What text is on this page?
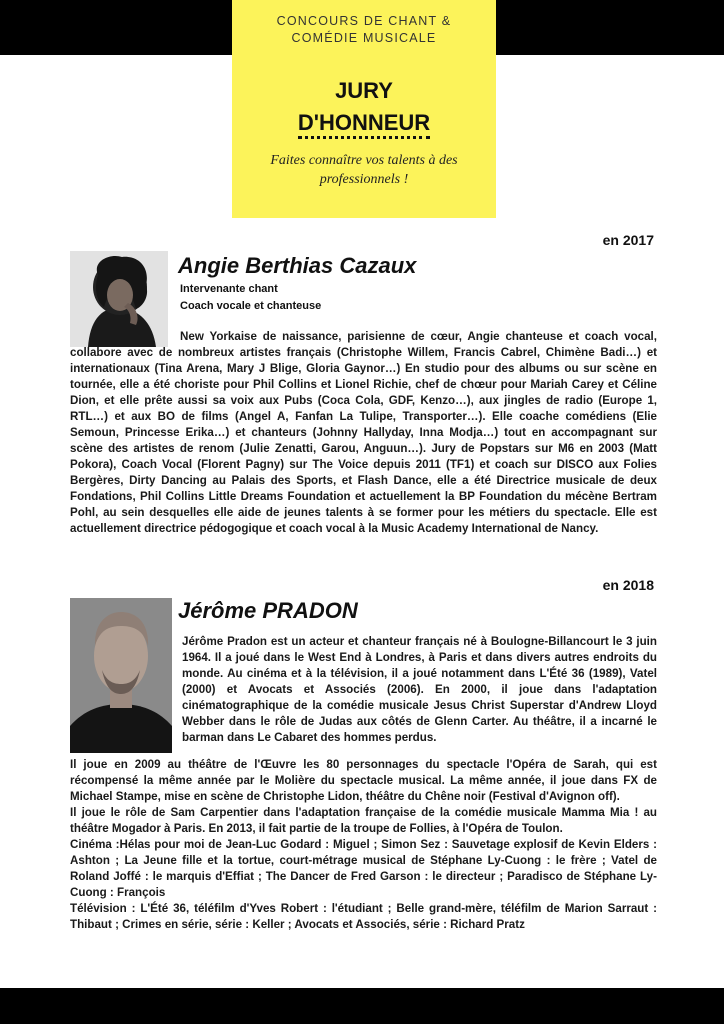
CONCOURS DE CHANT &
COMÉDIE MUSICALE
JURY
D'HONNEUR
Faites connaître vos talents à des
professionnels !
en 2017
Angie Berthias Cazaux
Intervenante chant
Coach vocale et chanteuse
New Yorkaise de naissance, parisienne de cœur, Angie chanteuse et coach vocal, collabore avec de nombreux artistes français (Christophe Willem, Francis Cabrel, Chimène Badi…) et internationaux (Tina Arena, Mary J Blige, Gloria Gaynor…) En studio pour des albums ou sur scène en tournée, elle a été choriste pour Phil Collins et Lionel Richie, chef de chœur pour Mariah Carey et Céline Dion, et elle prête aussi sa voix aux Pubs (Coca Cola, GDF, Kenzo…), aux jingles de radio (Europe 1, RTL…) et aux BO de films (Angel A, Fanfan La Tulipe, Transporter…). Elle coache comédiens (Elie Semoun, Princesse Erika…) et chanteurs (Johnny Hallyday, Inna Modja…) tout en accompagnant sur scène des artistes de renom (Julie Zenatti, Garou, Anguun…). Jury de Popstars sur M6 en 2003 (Matt Pokora), Coach Vocal (Florent Pagny) sur The Voice depuis 2011 (TF1) et coach sur DISCO aux Folies Bergères, Dirty Dancing au Palais des Sports, et Flash Dance, elle a été Directrice musicale de deux Fondations, Phil Collins Little Dreams Foundation et actuellement la BP Foundation du mécène Bertram Pohl, au sein desquelles elle aide de jeunes talents à se former pour les métiers du spectacle. Elle est actuellement directrice pédogogique et coach vocal à la Music Academy International de Nancy.
en 2018
Jérôme PRADON
Jérôme Pradon est un acteur et chanteur français né à Boulogne-Billancourt le 3 juin 1964. Il a joué dans le West End à Londres, à Paris et dans divers autres endroits du monde. Au cinéma et à la télévision, il a joué notamment dans L'Été 36 (1989), Vatel (2000) et Avocats et Associés (2006). En 2000, il joue dans l'adaptation cinématographique de la comédie musicale Jesus Christ Superstar d'Andrew Lloyd Webber dans le rôle de Judas aux côtés de Glenn Carter. Au théâtre, il a incarné le barman dans Le Cabaret des hommes perdus.

Il joue en 2009 au théâtre de l'Œuvre les 80 personnages du spectacle l'Opéra de Sarah, qui est récompensé la même année par le Molière du spectacle musical. La même année, il joue dans FX de Michael Stampe, mise en scène de Christophe Lidon, théâtre du Chêne noir (Festival d'Avignon off).

Il joue le rôle de Sam Carpentier dans l'adaptation française de la comédie musicale Mamma Mia ! au théâtre Mogador à Paris. En 2013, il fait partie de la troupe de Follies, à l'Opéra de Toulon.

Cinéma :Hélas pour moi de Jean-Luc Godard : Miguel ; Simon Sez : Sauvetage explosif de Kevin Elders : Ashton ; La Jeune fille et la tortue, court-métrage musical de Stéphane Ly-Cuong : le frère ; Vatel de Roland Joffé : le marquis d'Effiat ; The Dancer de Fred Garson : le directeur ; Paradisco de Stéphane Ly-Cuong : François

Télévision : L'Été 36, téléfilm d'Yves Robert : l'étudiant ; Belle grand-mère, téléfilm de Marion Sarraut : Thibaut ; Crimes en série, série : Keller ; Avocats et Associés, série : Richard Pratz
